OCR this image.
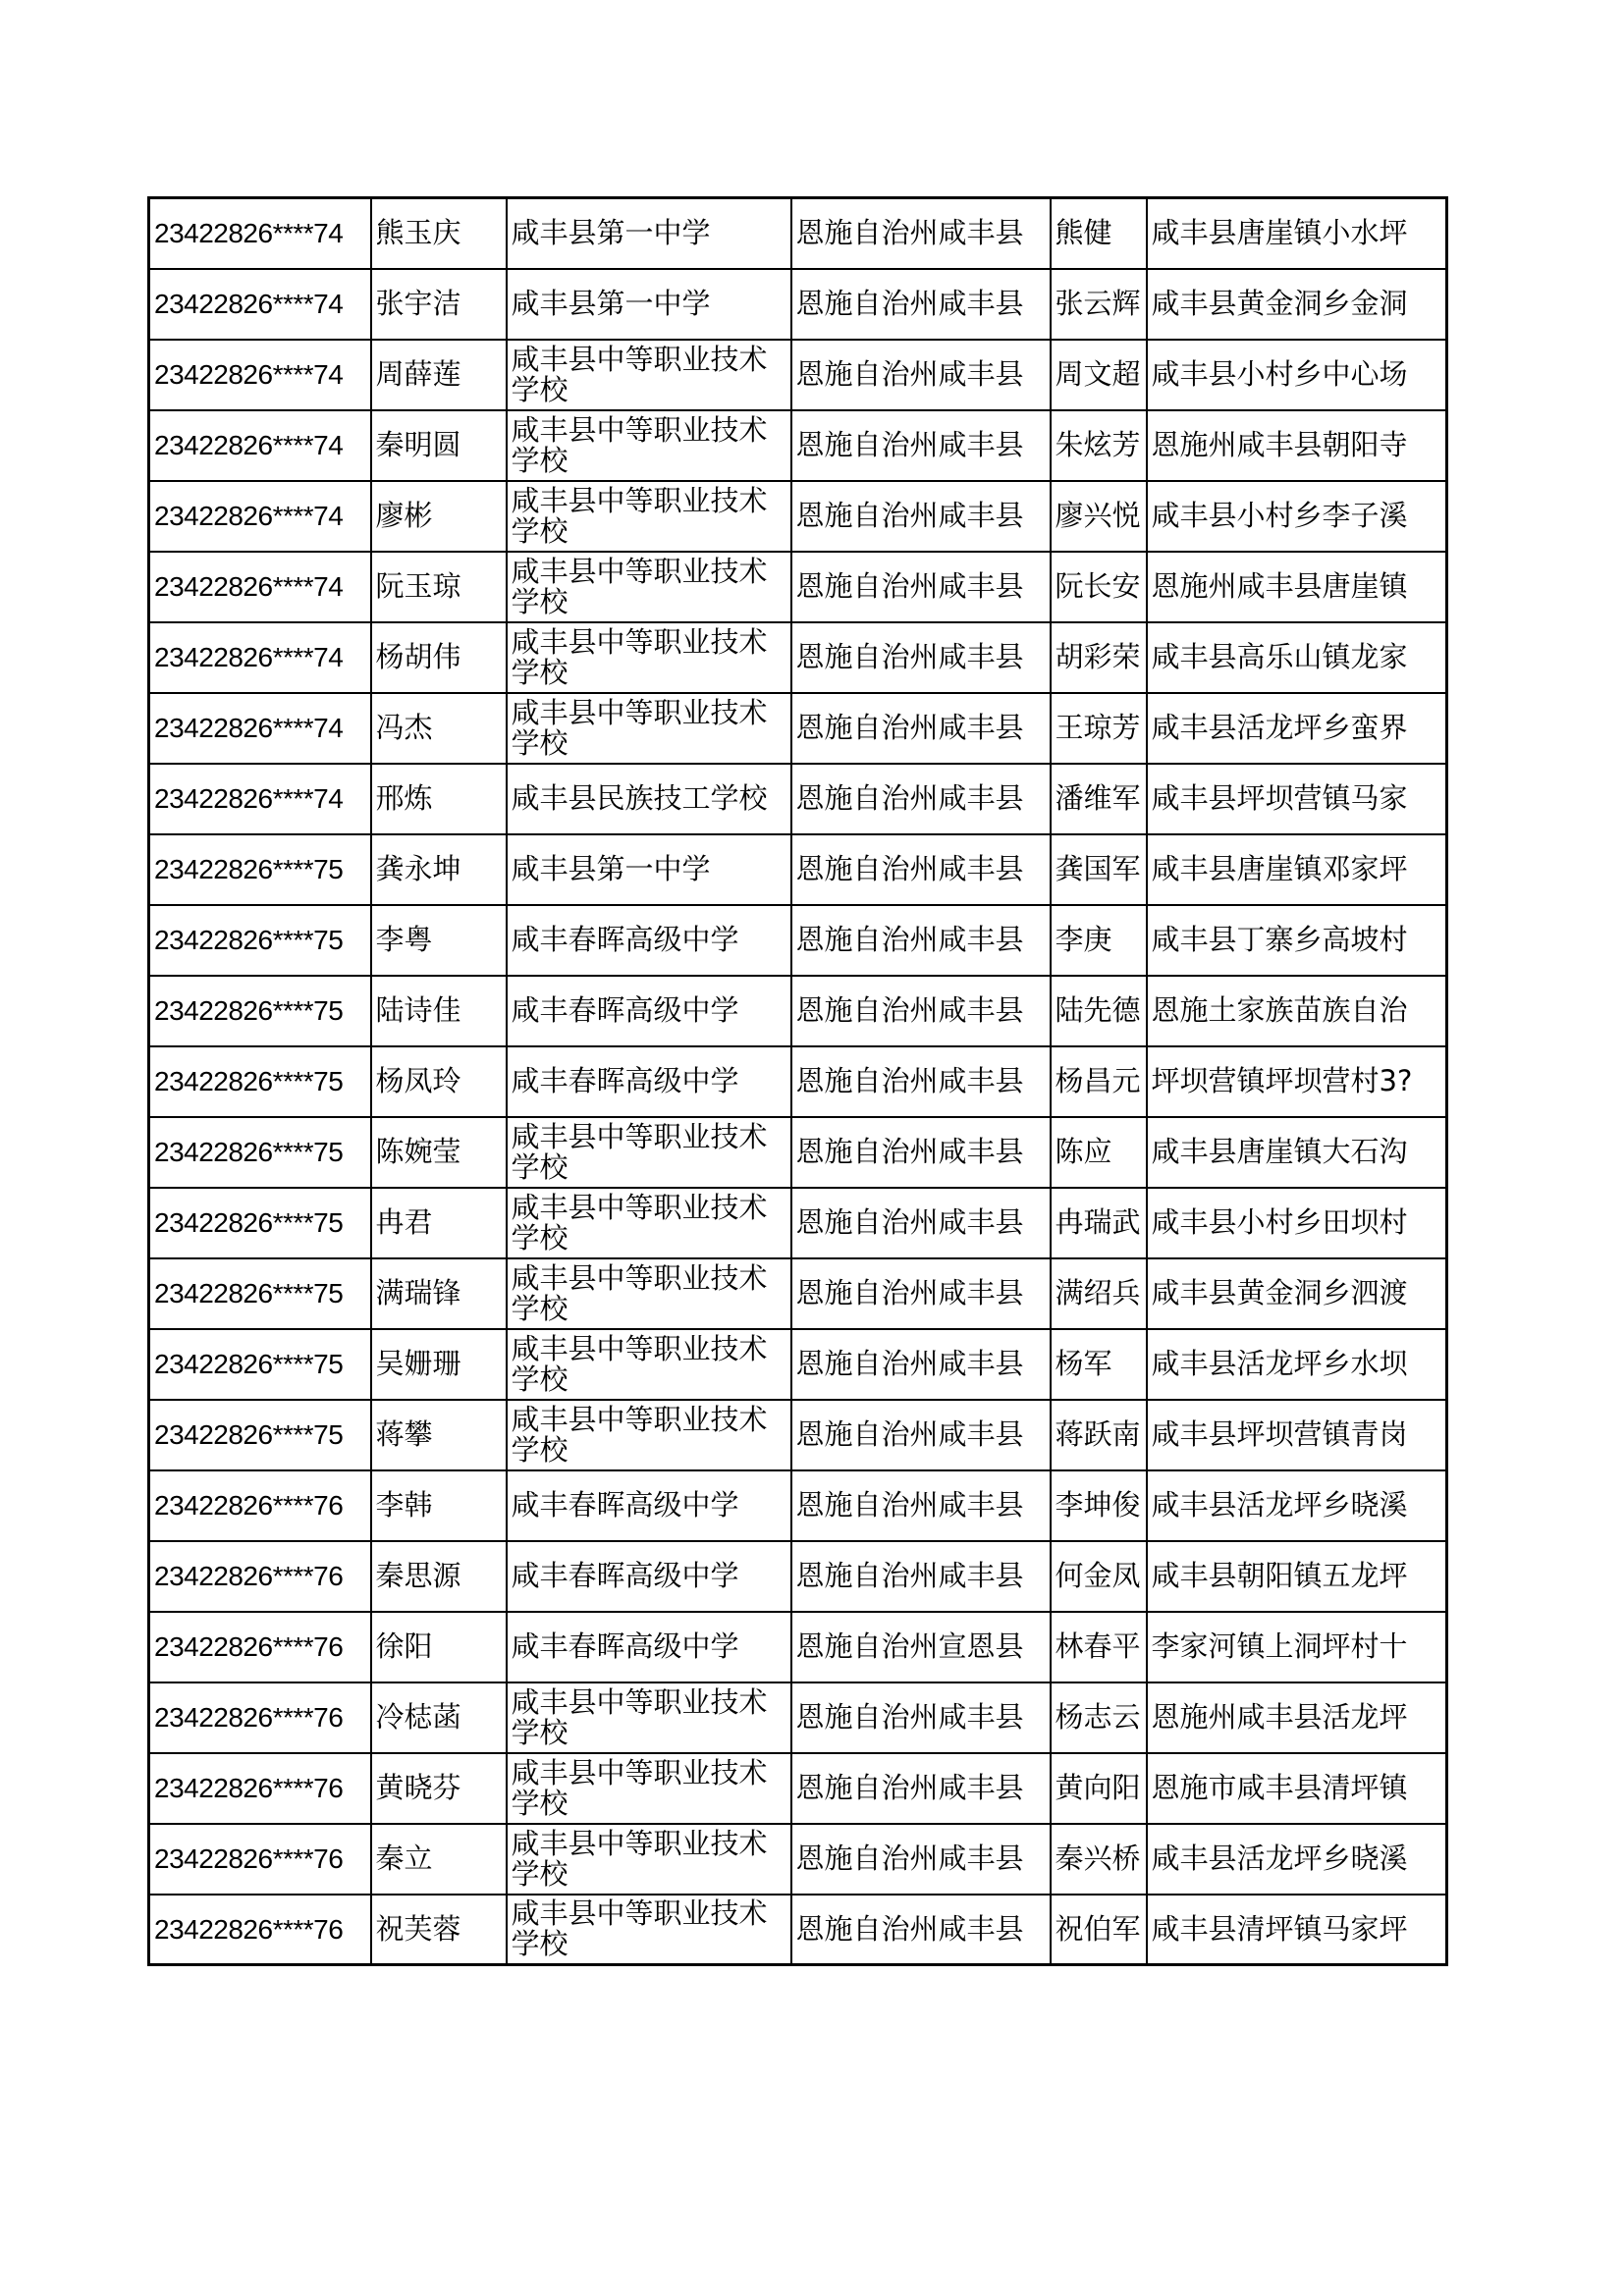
23422826****74	熊玉庆	咸丰县第一中学	恩施自治州咸丰县	熊健	咸丰县唐崖镇小水坪
23422826****74	张宇洁	咸丰县第一中学	恩施自治州咸丰县	张云辉	咸丰县黄金洞乡金洞
23422826****74	周薛莲	咸丰县中等职业技术学校	恩施自治州咸丰县	周文超	咸丰县小村乡中心场
23422826****74	秦明圆	咸丰县中等职业技术学校	恩施自治州咸丰县	朱炫芳	恩施州咸丰县朝阳寺
23422826****74	廖彬	咸丰县中等职业技术学校	恩施自治州咸丰县	廖兴悦	咸丰县小村乡李子溪
23422826****74	阮玉琼	咸丰县中等职业技术学校	恩施自治州咸丰县	阮长安	恩施州咸丰县唐崖镇
23422826****74	杨胡伟	咸丰县中等职业技术学校	恩施自治州咸丰县	胡彩荣	咸丰县高乐山镇龙家
23422826****74	冯杰	咸丰县中等职业技术学校	恩施自治州咸丰县	王琼芳	咸丰县活龙坪乡蛮界
23422826****74	邢炼	咸丰县民族技工学校	恩施自治州咸丰县	潘维军	咸丰县坪坝营镇马家
23422826****75	龚永坤	咸丰县第一中学	恩施自治州咸丰县	龚国军	咸丰县唐崖镇邓家坪
23422826****75	李粤	咸丰春晖高级中学	恩施自治州咸丰县	李庚	咸丰县丁寨乡高坡村
23422826****75	陆诗佳	咸丰春晖高级中学	恩施自治州咸丰县	陆先德	恩施土家族苗族自治
23422826****75	杨凤玲	咸丰春晖高级中学	恩施自治州咸丰县	杨昌元	坪坝营镇坪坝营村3?
23422826****75	陈婉莹	咸丰县中等职业技术学校	恩施自治州咸丰县	陈应	咸丰县唐崖镇大石沟
23422826****75	冉君	咸丰县中等职业技术学校	恩施自治州咸丰县	冉瑞武	咸丰县小村乡田坝村
23422826****75	满瑞锋	咸丰县中等职业技术学校	恩施自治州咸丰县	满绍兵	咸丰县黄金洞乡泗渡
23422826****75	吴姗珊	咸丰县中等职业技术学校	恩施自治州咸丰县	杨军	咸丰县活龙坪乡水坝
23422826****75	蒋攀	咸丰县中等职业技术学校	恩施自治州咸丰县	蒋跃南	咸丰县坪坝营镇青岗
23422826****76	李韩	咸丰春晖高级中学	恩施自治州咸丰县	李坤俊	咸丰县活龙坪乡晓溪
23422826****76	秦思源	咸丰春晖高级中学	恩施自治州咸丰县	何金凤	咸丰县朝阳镇五龙坪
23422826****76	徐阳	咸丰春晖高级中学	恩施自治州宣恩县	林春平	李家河镇上洞坪村十
23422826****76	冷梽菡	咸丰县中等职业技术学校	恩施自治州咸丰县	杨志云	恩施州咸丰县活龙坪
23422826****76	黄晓芬	咸丰县中等职业技术学校	恩施自治州咸丰县	黄向阳	恩施市咸丰县清坪镇
23422826****76	秦立	咸丰县中等职业技术学校	恩施自治州咸丰县	秦兴桥	咸丰县活龙坪乡晓溪
23422826****76	祝芙蓉	咸丰县中等职业技术学校	恩施自治州咸丰县	祝伯军	咸丰县清坪镇马家坪
